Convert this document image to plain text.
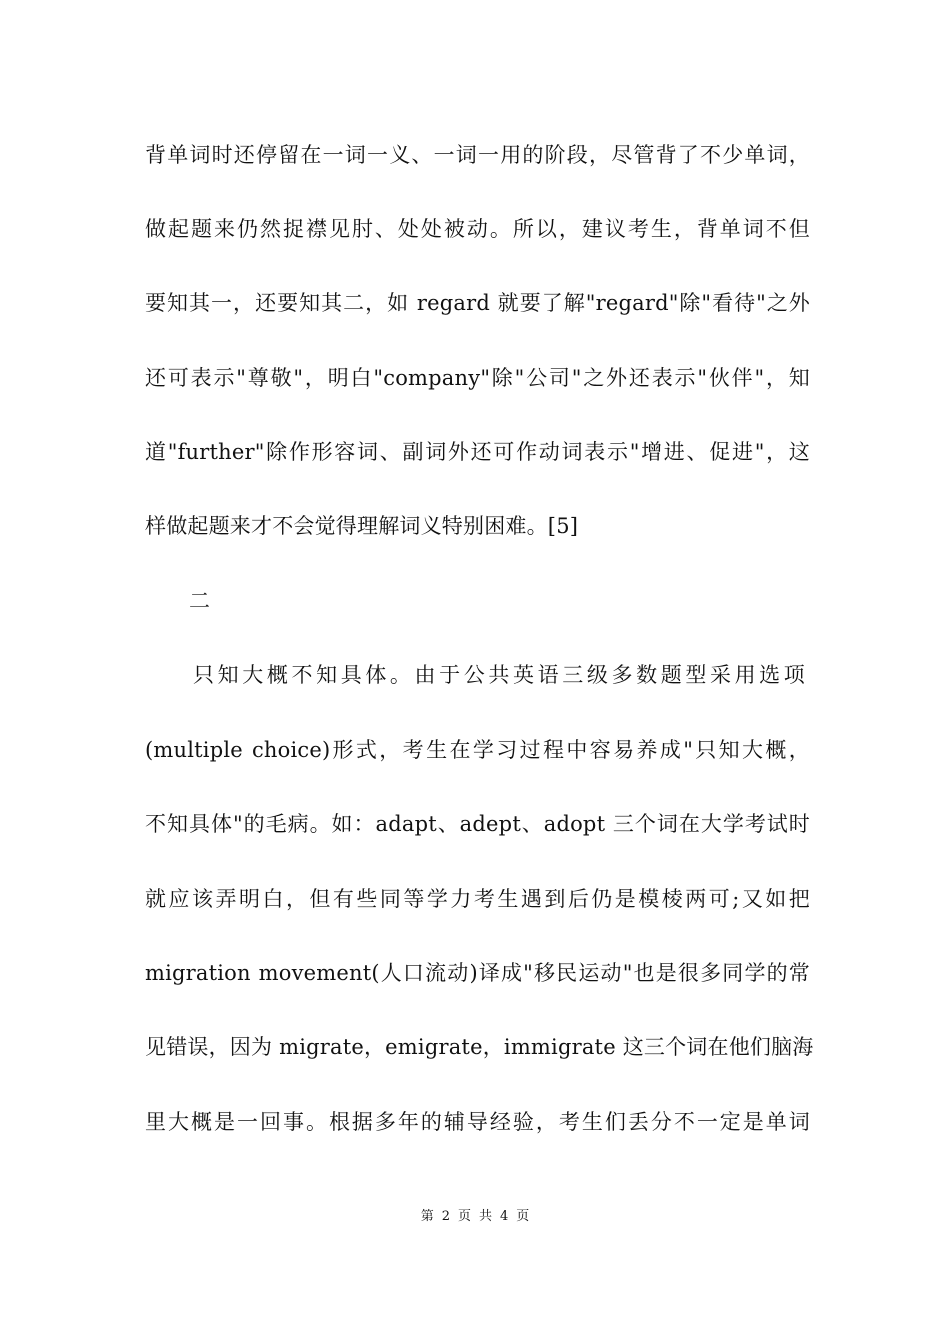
背单词时还停留在一词一义、一词一用的阶段，尽管背了不少单词，
做起题来仍然捉襟见肘、处处被动。所以，建议考生，背单词不但
要知其一，还要知其二，如 regard 就要了解"regard"除"看待"之外
还可表示"尊敬"，明白"company"除"公司"之外还表示"伙伴"，知
道"further"除作形容词、副词外还可作动词表示"增进、促进"，这
样做起题来才不会觉得理解词义特别困难。[5]
二
只知大概不知具体。由于公共英语三级多数题型采用选项
(multiple choice)形式，考生在学习过程中容易养成"只知大概，
不知具体"的毛病。如：adapt、adept、adopt 三个词在大学考试时
就应该弄明白，但有些同等学力考生遇到后仍是模棱两可;又如把
migration movement(人口流动)译成"移民运动"也是很多同学的常
见错误，因为 migrate，emigrate，immigrate 这三个词在他们脑海
里大概是一回事。根据多年的辅导经验，考生们丢分不一定是单词
第 2 页 共 4 页
